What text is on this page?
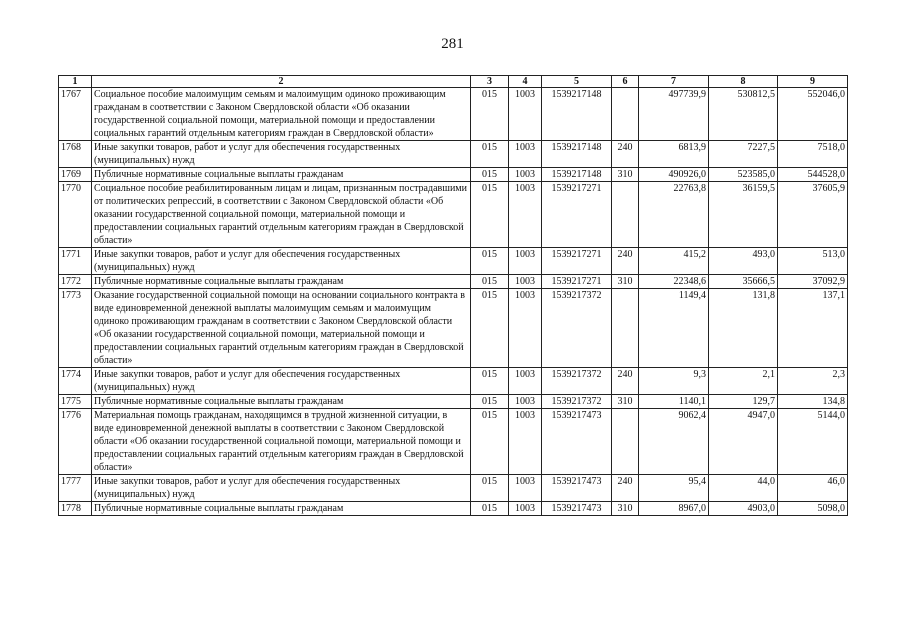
281
1	2	3	4	5	6	7	8	9
1767	Социальное пособие малоимущим семьям и малоимущим одиноко проживающим гражданам в соответствии с Законом Свердловской области «Об оказании государственной социальной помощи, материальной помощи и предоставлении социальных гарантий отдельным категориям граждан в Свердловской области»	015	1003	1539217148		497739,9	530812,5	552046,0
1768	Иные закупки товаров, работ и услуг для обеспечения государственных (муниципальных) нужд	015	1003	1539217148	240	6813,9	7227,5	7518,0
1769	Публичные нормативные социальные выплаты гражданам	015	1003	1539217148	310	490926,0	523585,0	544528,0
1770	Социальное пособие реабилитированным лицам и лицам, признанным пострадавшими от политических репрессий, в соответствии с Законом Свердловской области «Об оказании государственной социальной помощи, материальной помощи и предоставлении социальных гарантий отдельным категориям граждан в Свердловской области»	015	1003	1539217271		22763,8	36159,5	37605,9
1771	Иные закупки товаров, работ и услуг для обеспечения государственных (муниципальных) нужд	015	1003	1539217271	240	415,2	493,0	513,0
1772	Публичные нормативные социальные выплаты гражданам	015	1003	1539217271	310	22348,6	35666,5	37092,9
1773	Оказание государственной социальной помощи на основании социального контракта в виде единовременной денежной выплаты малоимущим семьям и малоимущим одиноко проживающим гражданам в соответствии с Законом Свердловской области «Об оказании государственной социальной помощи, материальной помощи и предоставлении социальных гарантий отдельным категориям граждан в Свердловской области»	015	1003	1539217372		1149,4	131,8	137,1
1774	Иные закупки товаров, работ и услуг для обеспечения государственных (муниципальных) нужд	015	1003	1539217372	240	9,3	2,1	2,3
1775	Публичные нормативные социальные выплаты гражданам	015	1003	1539217372	310	1140,1	129,7	134,8
1776	Материальная помощь гражданам, находящимся в трудной жизненной ситуации, в виде единовременной денежной выплаты в соответствии с Законом Свердловской области «Об оказании государственной социальной помощи, материальной помощи и предоставлении социальных гарантий отдельным категориям граждан в Свердловской области»	015	1003	1539217473		9062,4	4947,0	5144,0
1777	Иные закупки товаров, работ и услуг для обеспечения государственных (муниципальных) нужд	015	1003	1539217473	240	95,4	44,0	46,0
1778	Публичные нормативные социальные выплаты гражданам	015	1003	1539217473	310	8967,0	4903,0	5098,0
